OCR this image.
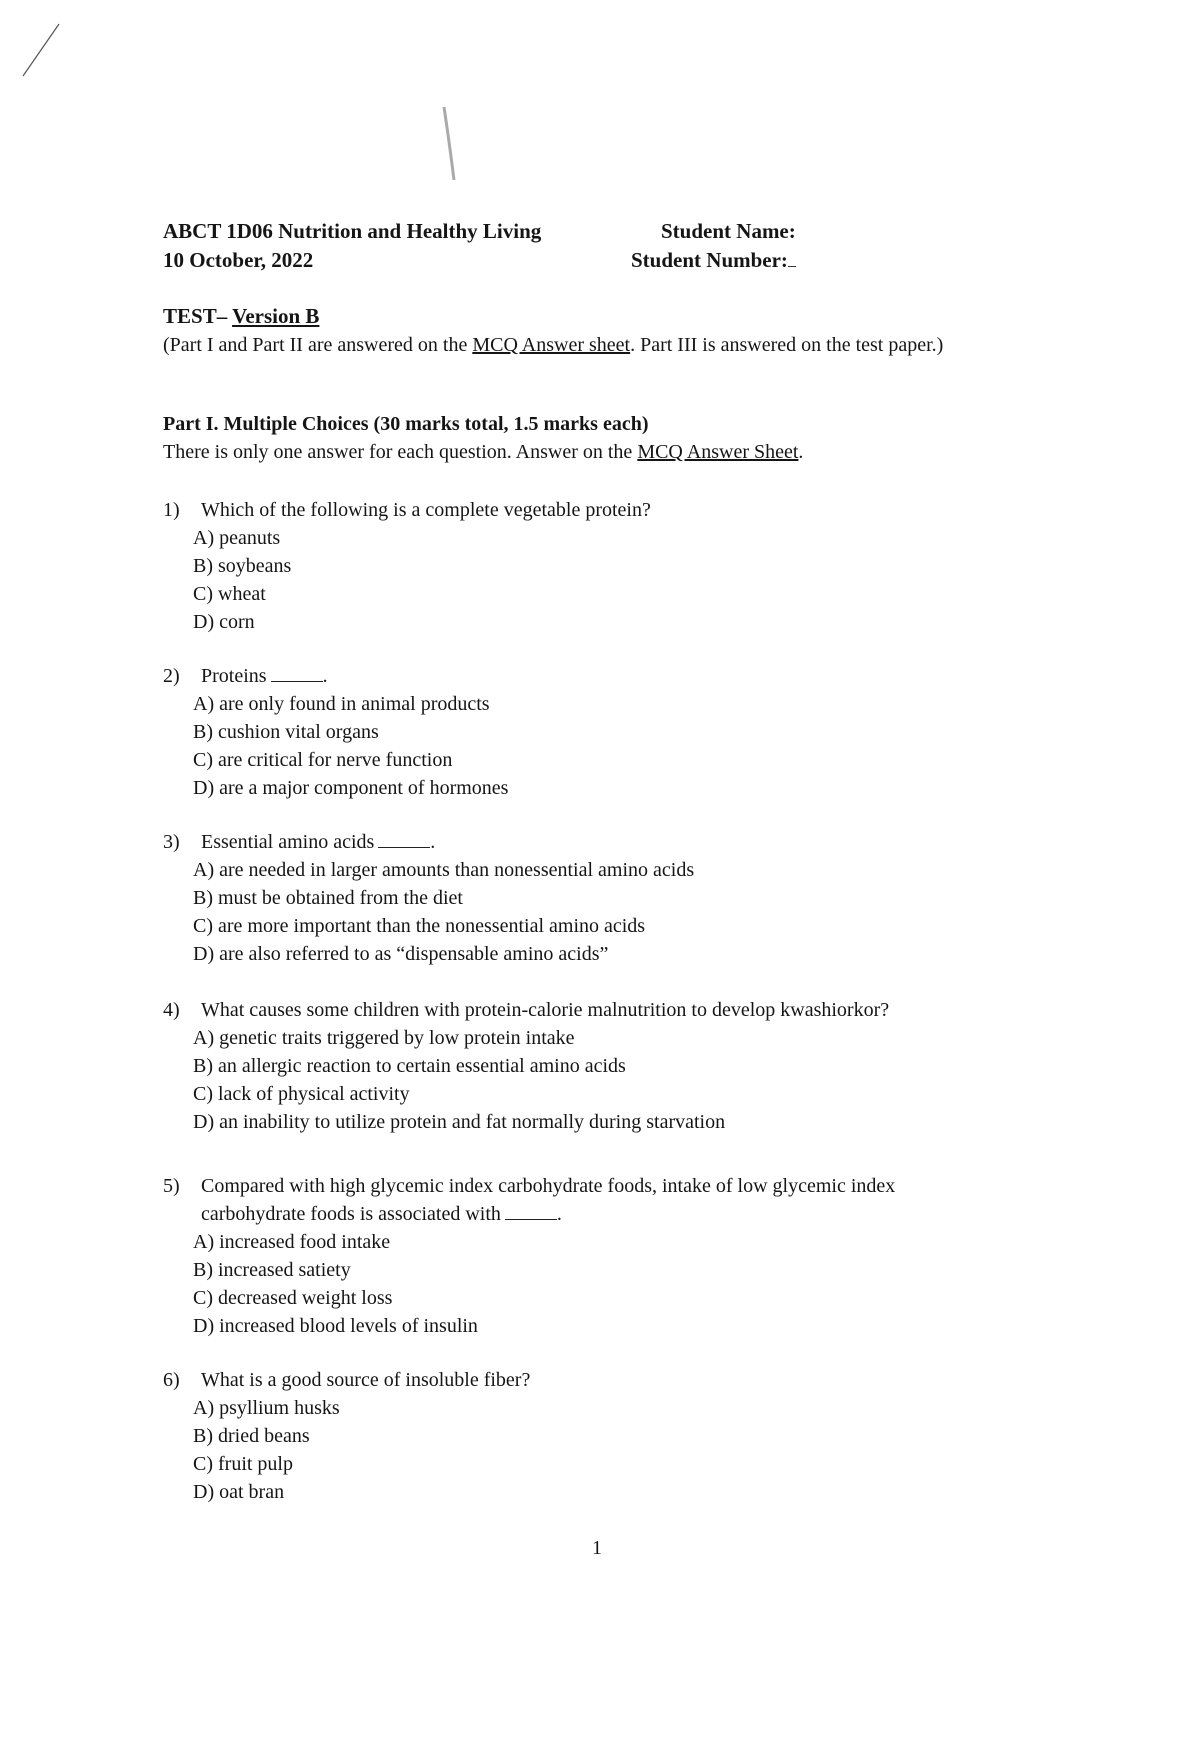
ABCT 1D06 Nutrition and Healthy Living
10 October, 2022
Student Name:
Student Number:
TEST– Version B
(Part I and Part II are answered on the MCQ Answer sheet. Part III is answered on the test paper.)
Part I. Multiple Choices (30 marks total, 1.5 marks each)
There is only one answer for each question. Answer on the MCQ Answer Sheet.
1)	Which of the following is a complete vegetable protein?
A) peanuts
B) soybeans
C) wheat
D) corn
2)	Proteins	.
A) are only found in animal products
B) cushion vital organs
C) are critical for nerve function
D) are a major component of hormones
3)	Essential amino acids	.
A) are needed in larger amounts than nonessential amino acids
B) must be obtained from the diet
C) are more important than the nonessential amino acids
D) are also referred to as “dispensable amino acids”
4)	What causes some children with protein-calorie malnutrition to develop kwashiorkor?
A) genetic traits triggered by low protein intake
B) an allergic reaction to certain essential amino acids
C) lack of physical activity
D) an inability to utilize protein and fat normally during starvation
5)	Compared with high glycemic index carbohydrate foods, intake of low glycemic index carbohydrate foods is associated with	.
A) increased food intake
B) increased satiety
C) decreased weight loss
D) increased blood levels of insulin
6)	What is a good source of insoluble fiber?
A) psyllium husks
B) dried beans
C) fruit pulp
D) oat bran
1
